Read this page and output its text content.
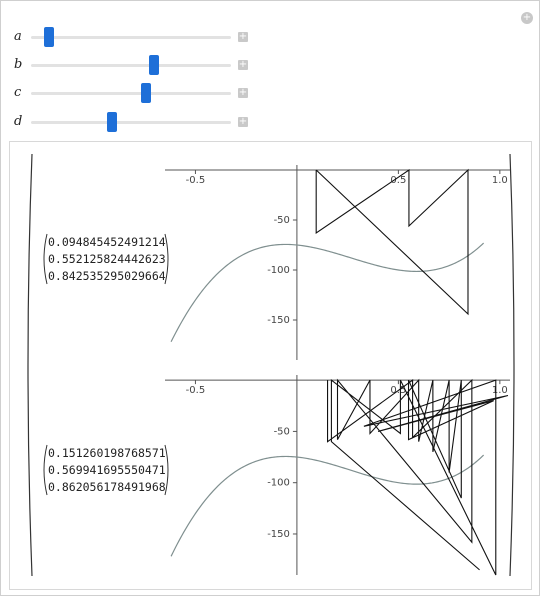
+
a	+
b	+
c	+
d	+
-0.5	0.5	1.0
-50
-100
-150
-0.5	0.5	1.0
-50
-100
-150
0.094845452491214
0.552125824442623
0.842535295029664
0.151260198768571
0.569941695550471
0.862056178491968
